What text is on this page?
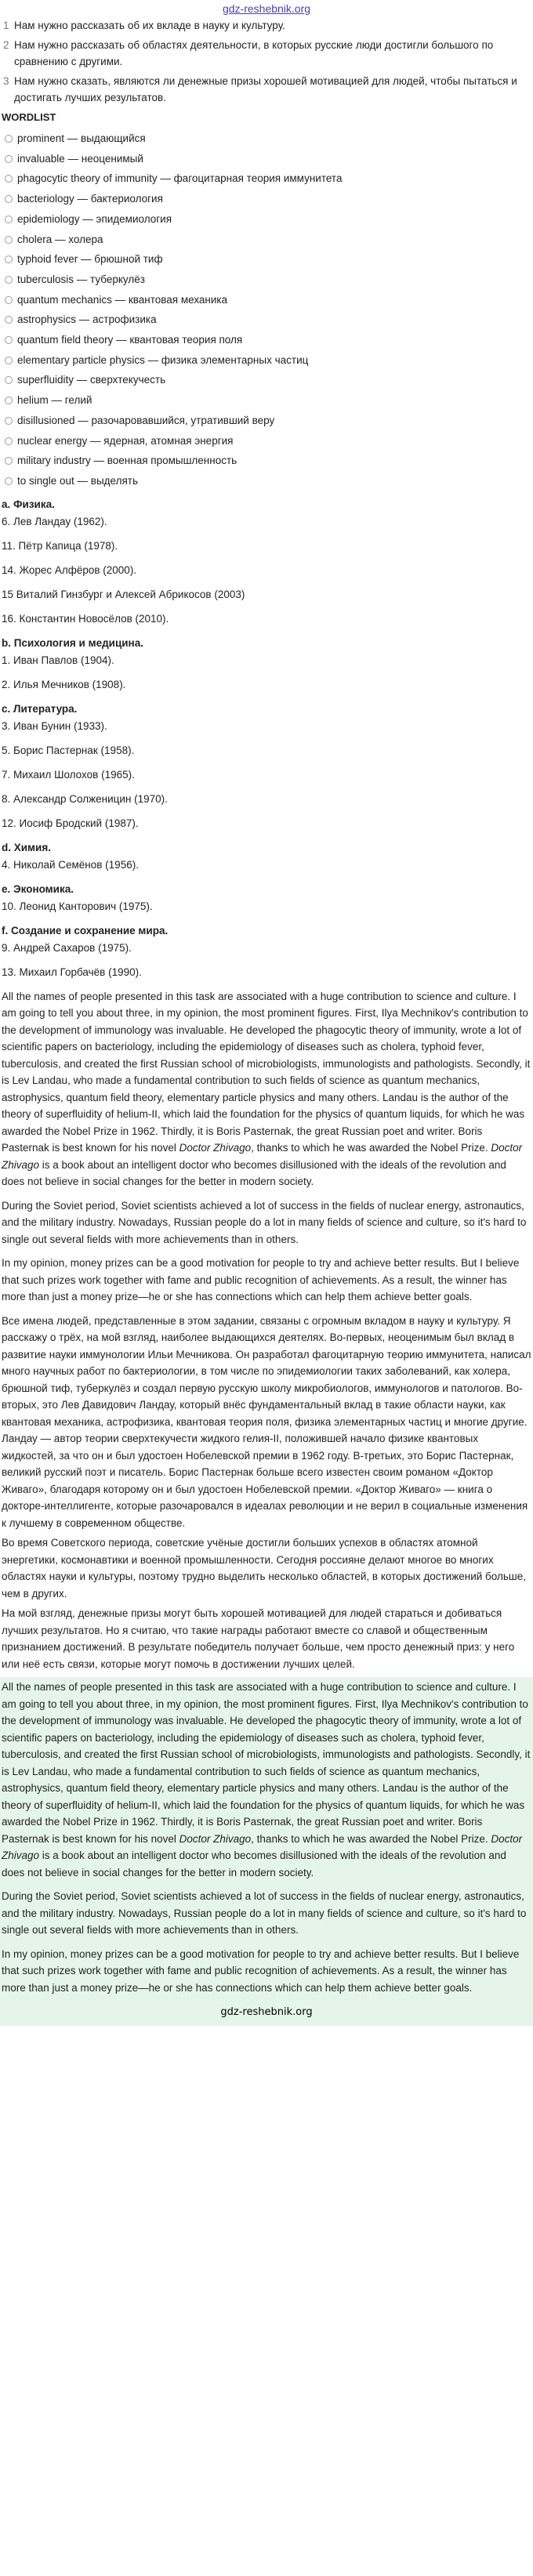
gdz-reshebnik.org
1 Нам нужно рассказать об их вкладе в науку и культуру.
2 Нам нужно рассказать об областях деятельности, в которых русские люди достигли большого по сравнению с другими.
3 Нам нужно сказать, являются ли денежные призы хорошей мотивацией для людей, чтобы пытаться и достигать лучших результатов.
WORDLIST
prominent — выдающийся
invaluable — неоценимый
phagocytic theory of immunity — фагоцитарная теория иммунитета
bacteriology — бактериология
epidemiology — эпидемиология
cholera — холера
typhoid fever — брюшной тиф
tuberculosis — туберкулёз
quantum mechanics — квантовая механика
astrophysics — астрофизика
quantum field theory — квантовая теория поля
elementary particle physics — физика элементарных частиц
superfluidity — сверхтекучесть
helium — гелий
disillusioned — разочаровавшийся, утративший веру
nuclear energy — ядерная, атомная энергия
military industry — военная промышленность
to single out — выделять
a. Физика.
6. Лев Ландау (1962).
11. Пётр Капица (1978).
14. Жорес Алфёров (2000).
15 Виталий Гинзбург и Алексей Абрикосов (2003)
16. Константин Новосёлов (2010).
b. Психология и медицина.
1. Иван Павлов (1904).
2. Илья Мечников (1908).
c. Литература.
3. Иван Бунин (1933).
5. Борис Пастернак (1958).
7. Михаил Шолохов (1965).
8. Александр Солженицин (1970).
12. Иосиф Бродский (1987).
d. Химия.
4. Николай Семёнов (1956).
e. Экономика.
10. Леонид Канторович (1975).
f. Создание и сохранение мира.
9. Андрей Сахаров (1975).
13. Михаил Горбачёв (1990).

All the names of people presented in this task are associated with a huge contribution to science and culture. I am going to tell you about three, in my opinion, the most prominent figures. First, Ilya Mechnikov's contribution to the development of immunology was invaluable. He developed the phagocytic theory of immunity, wrote a lot of scientific papers on bacteriology, including the epidemiology of diseases such as cholera, typhoid fever, tuberculosis, and created the first Russian school of microbiologists, immunologists and pathologists. Secondly, it is Lev Landau, who made a fundamental contribution to such fields of science as quantum mechanics, astrophysics, quantum field theory, elementary particle physics and many others. Landau is the author of the theory of superfluidity of helium-II, which laid the foundation for the physics of quantum liquids, for which he was awarded the Nobel Prize in 1962. Thirdly, it is Boris Pasternak, the great Russian poet and writer. Boris Pasternak is best known for his novel Doctor Zhivago, thanks to which he was awarded the Nobel Prize. Doctor Zhivago is a book about an intelligent doctor who becomes disillusioned with the ideals of the revolution and does not believe in social changes for the better in modern society.

During the Soviet period, Soviet scientists achieved a lot of success in the fields of nuclear energy, astronautics, and the military industry. Nowadays, Russian people do a lot in many fields of science and culture, so it's hard to single out several fields with more achievements than in others.

In my opinion, money prizes can be a good motivation for people to try and achieve better results. But I believe that such prizes work together with fame and public recognition of achievements. As a result, the winner has more than just a money prize—he or she has connections which can help them achieve better goals.

Все имена людей, представленные в этом задании, связаны с огромным вкладом в науку и культуру. Я расскажу о трёх, на мой взгляд, наиболее выдающихся деятелях. Во-первых, неоценимым был вклад в развитие науки иммунологии Ильи Мечникова. Он разработал фагоцитарную теорию иммунитета, написал много научных работ по бактериологии, в том числе по эпидемиологии таких заболеваний, как холера, брюшной тиф, туберкулёз и создал первую русскую школу микробиологов, иммунологов и патологов. Во-вторых, это Лев Давидович Ландау, который внёс фундаментальный вклад в такие области науки, как квантовая механика, астрофизика, квантовая теория поля, физика элементарных частиц и многие другие. Ландау — автор теории сверхтекучести жидкого гелия-II, положившей начало физике квантовых жидкостей, за что он и был удостоен Нобелевской премии в 1962 году. В-третьих, это Борис Пастернак, великий русский поэт и писатель. Борис Пастернак больше всего известен своим романом «Доктор Живаго», благодаря которому он и был удостоен Нобелевской премии. «Доктор Живаго» — книга о докторе-интеллигенте, которые разочаровался в идеалах революции и не верил в социальные изменения к лучшему в современном обществе.

Во время Советского периода, советские учёные достигли больших успехов в областях атомной энергетики, космонавтики и военной промышленности. Сегодня россияне делают многое во многих областях науки и культуры, поэтому трудно выделить несколько областей, в которых достижений больше, чем в других.

На мой взгляд, денежные призы могут быть хорошей мотивацией для людей стараться и добиваться лучших результатов. Но я считаю, что такие награды работают вместе со славой и общественным признанием достижений. В результате победитель получает больше, чем просто денежный приз: у него или неё есть связи, которые могут помочь в достижении лучших целей.

All the names of people presented in this task are associated with a huge contribution to science and culture. I am going to tell you about three, in my opinion, the most prominent figures. First, Ilya Mechnikov's contribution to the development of immunology was invaluable. He developed the phagocytic theory of immunity, wrote a lot of scientific papers on bacteriology, including the epidemiology of diseases such as cholera, typhoid fever, tuberculosis, and created the first Russian school of microbiologists, immunologists and pathologists. Secondly, it is Lev Landau, who made a fundamental contribution to such fields of science as quantum mechanics, astrophysics, quantum field theory, elementary particle physics and many others. Landau is the author of the theory of superfluidity of helium-II, which laid the foundation for the physics of quantum liquids, for which he was awarded the Nobel Prize in 1962. Thirdly, it is Boris Pasternak, the great Russian poet and writer. Boris Pasternak is best known for his novel Doctor Zhivago, thanks to which he was awarded the Nobel Prize. Doctor Zhivago is a book about an intelligent doctor who becomes disillusioned with the ideals of the revolution and does not believe in social changes for the better in modern society.

During the Soviet period, Soviet scientists achieved a lot of success in the fields of nuclear energy, astronautics, and the military industry. Nowadays, Russian people do a lot in many fields of science and culture, so it's hard to single out several fields with more achievements than in others.

In my opinion, money prizes can be a good motivation for people to try and achieve better results. But I believe that such prizes work together with fame and public recognition of achievements. As a result, the winner has more than just a money prize—he or she has connections which can help them achieve better goals.

gdz-reshebnik.org
